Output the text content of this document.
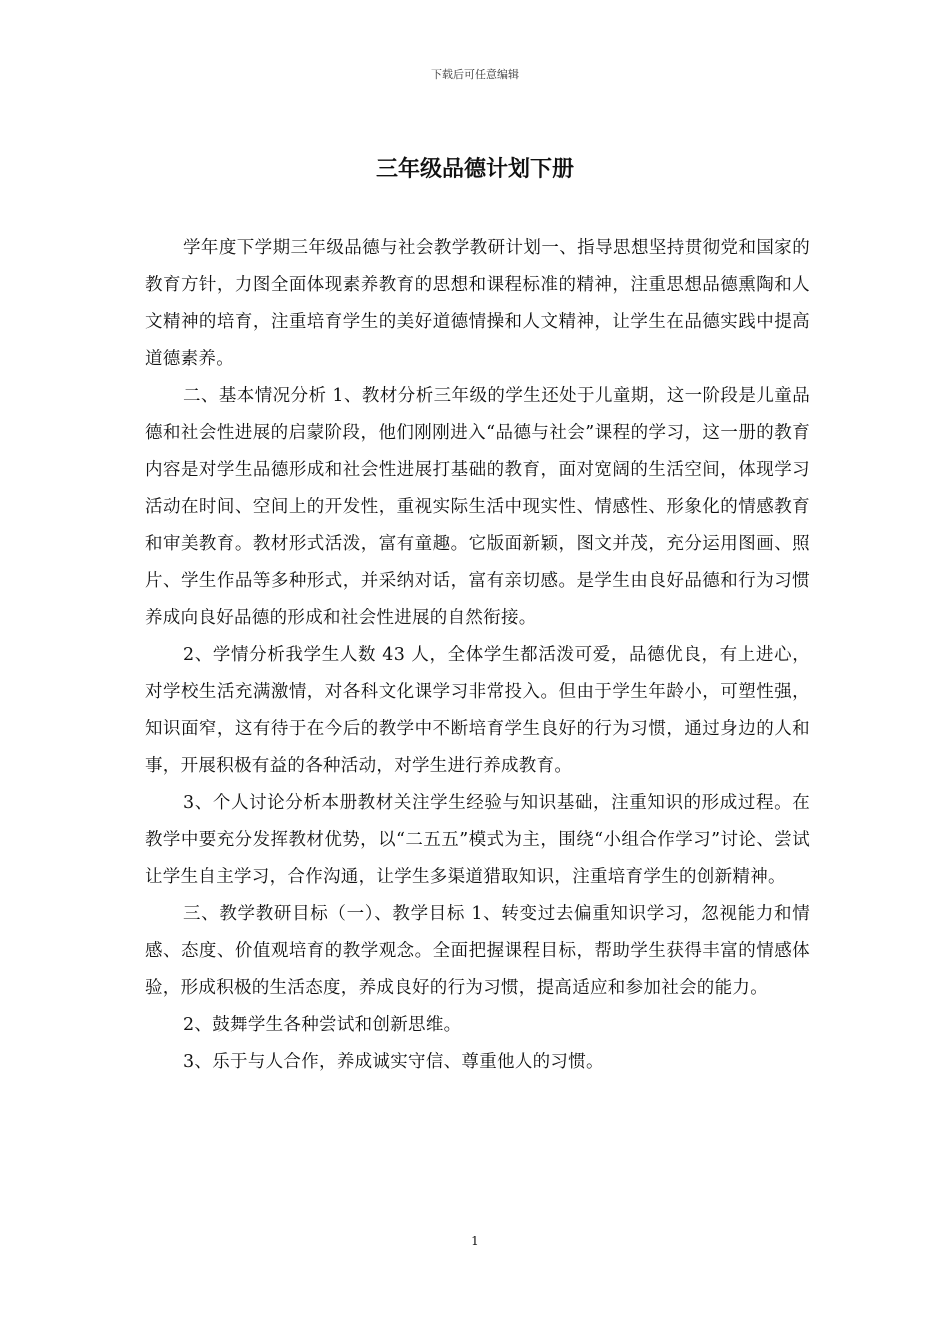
下载后可任意编辑
三年级品德计划下册

学年度下学期三年级品德与社会教学教研计划一、指导思想坚持贯彻党和国家的教育方针，力图全面体现素养教育的思想和课程标准的精神，注重思想品德熏陶和人文精神的培育，注重培育学生的美好道德情操和人文精神，让学生在品德实践中提高道德素养。

二、基本情况分析 1、教材分析三年级的学生还处于儿童期，这一阶段是儿童品德和社会性进展的启蒙阶段，他们刚刚进入“品德与社会”课程的学习，这一册的教育内容是对学生品德形成和社会性进展打基础的教育，面对宽阔的生活空间，体现学习活动在时间、空间上的开发性，重视实际生活中现实性、情感性、形象化的情感教育和审美教育。教材形式活泼，富有童趣。它版面新颖，图文并茂，充分运用图画、照片、学生作品等多种形式，并采纳对话，富有亲切感。是学生由良好品德和行为习惯养成向良好品德的形成和社会性进展的自然衔接。

2、学情分析我学生人数 43 人，全体学生都活泼可爱，品德优良，有上进心，对学校生活充满激情，对各科文化课学习非常投入。但由于学生年龄小，可塑性强，知识面窄，这有待于在今后的教学中不断培育学生良好的行为习惯，通过身边的人和事，开展积极有益的各种活动，对学生进行养成教育。

3、个人讨论分析本册教材关注学生经验与知识基础，注重知识的形成过程。在教学中要充分发挥教材优势，以“二五五”模式为主，围绕“小组合作学习”讨论、尝试让学生自主学习，合作沟通，让学生多渠道猎取知识，注重培育学生的创新精神。

三、教学教研目标（一）、教学目标 1、转变过去偏重知识学习，忽视能力和情感、态度、价值观培育的教学观念。全面把握课程目标，帮助学生获得丰富的情感体验，形成积极的生活态度，养成良好的行为习惯，提高适应和参加社会的能力。

2、鼓舞学生各种尝试和创新思维。

3、乐于与人合作，养成诚实守信、尊重他人的习惯。

1
